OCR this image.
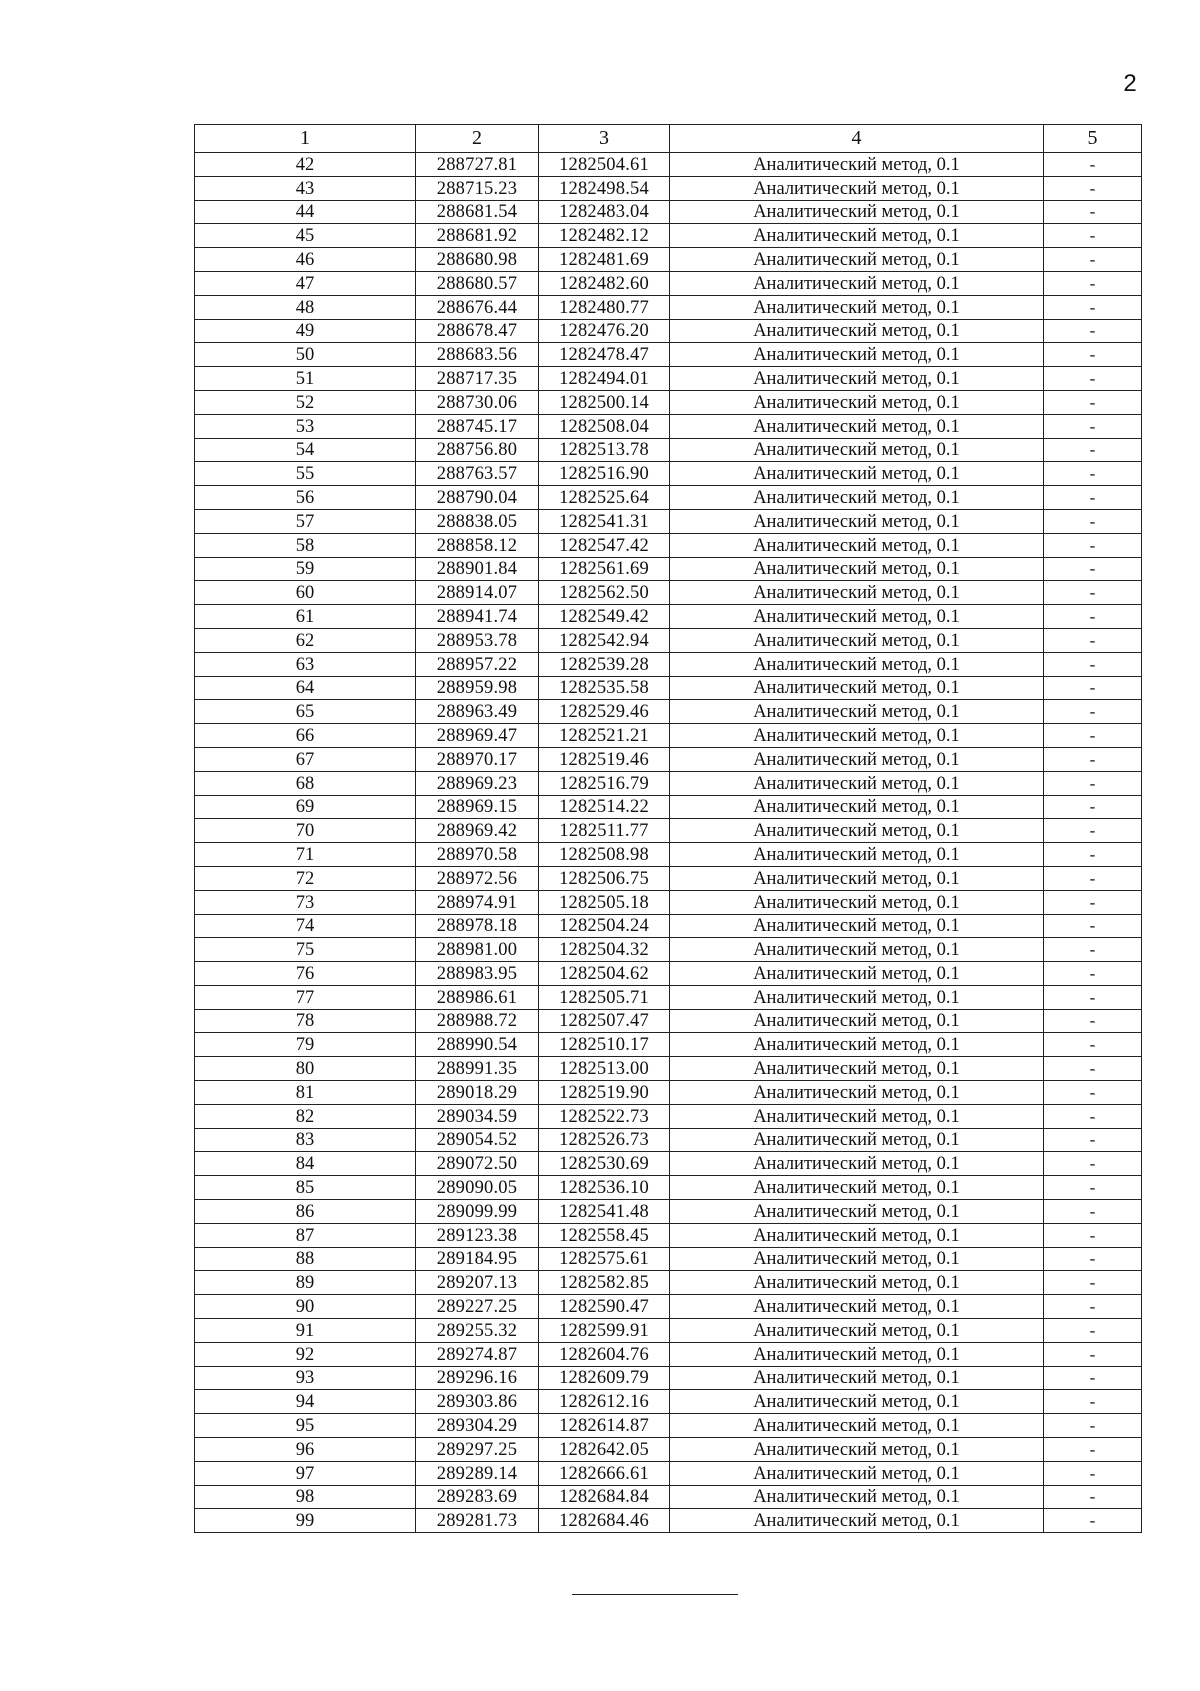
2
1	2	3	4	5
42	288727.81	1282504.61	Аналитический метод, 0.1	-
43	288715.23	1282498.54	Аналитический метод, 0.1	-
44	288681.54	1282483.04	Аналитический метод, 0.1	-
45	288681.92	1282482.12	Аналитический метод, 0.1	-
46	288680.98	1282481.69	Аналитический метод, 0.1	-
47	288680.57	1282482.60	Аналитический метод, 0.1	-
48	288676.44	1282480.77	Аналитический метод, 0.1	-
49	288678.47	1282476.20	Аналитический метод, 0.1	-
50	288683.56	1282478.47	Аналитический метод, 0.1	-
51	288717.35	1282494.01	Аналитический метод, 0.1	-
52	288730.06	1282500.14	Аналитический метод, 0.1	-
53	288745.17	1282508.04	Аналитический метод, 0.1	-
54	288756.80	1282513.78	Аналитический метод, 0.1	-
55	288763.57	1282516.90	Аналитический метод, 0.1	-
56	288790.04	1282525.64	Аналитический метод, 0.1	-
57	288838.05	1282541.31	Аналитический метод, 0.1	-
58	288858.12	1282547.42	Аналитический метод, 0.1	-
59	288901.84	1282561.69	Аналитический метод, 0.1	-
60	288914.07	1282562.50	Аналитический метод, 0.1	-
61	288941.74	1282549.42	Аналитический метод, 0.1	-
62	288953.78	1282542.94	Аналитический метод, 0.1	-
63	288957.22	1282539.28	Аналитический метод, 0.1	-
64	288959.98	1282535.58	Аналитический метод, 0.1	-
65	288963.49	1282529.46	Аналитический метод, 0.1	-
66	288969.47	1282521.21	Аналитический метод, 0.1	-
67	288970.17	1282519.46	Аналитический метод, 0.1	-
68	288969.23	1282516.79	Аналитический метод, 0.1	-
69	288969.15	1282514.22	Аналитический метод, 0.1	-
70	288969.42	1282511.77	Аналитический метод, 0.1	-
71	288970.58	1282508.98	Аналитический метод, 0.1	-
72	288972.56	1282506.75	Аналитический метод, 0.1	-
73	288974.91	1282505.18	Аналитический метод, 0.1	-
74	288978.18	1282504.24	Аналитический метод, 0.1	-
75	288981.00	1282504.32	Аналитический метод, 0.1	-
76	288983.95	1282504.62	Аналитический метод, 0.1	-
77	288986.61	1282505.71	Аналитический метод, 0.1	-
78	288988.72	1282507.47	Аналитический метод, 0.1	-
79	288990.54	1282510.17	Аналитический метод, 0.1	-
80	288991.35	1282513.00	Аналитический метод, 0.1	-
81	289018.29	1282519.90	Аналитический метод, 0.1	-
82	289034.59	1282522.73	Аналитический метод, 0.1	-
83	289054.52	1282526.73	Аналитический метод, 0.1	-
84	289072.50	1282530.69	Аналитический метод, 0.1	-
85	289090.05	1282536.10	Аналитический метод, 0.1	-
86	289099.99	1282541.48	Аналитический метод, 0.1	-
87	289123.38	1282558.45	Аналитический метод, 0.1	-
88	289184.95	1282575.61	Аналитический метод, 0.1	-
89	289207.13	1282582.85	Аналитический метод, 0.1	-
90	289227.25	1282590.47	Аналитический метод, 0.1	-
91	289255.32	1282599.91	Аналитический метод, 0.1	-
92	289274.87	1282604.76	Аналитический метод, 0.1	-
93	289296.16	1282609.79	Аналитический метод, 0.1	-
94	289303.86	1282612.16	Аналитический метод, 0.1	-
95	289304.29	1282614.87	Аналитический метод, 0.1	-
96	289297.25	1282642.05	Аналитический метод, 0.1	-
97	289289.14	1282666.61	Аналитический метод, 0.1	-
98	289283.69	1282684.84	Аналитический метод, 0.1	-
99	289281.73	1282684.46	Аналитический метод, 0.1	-
